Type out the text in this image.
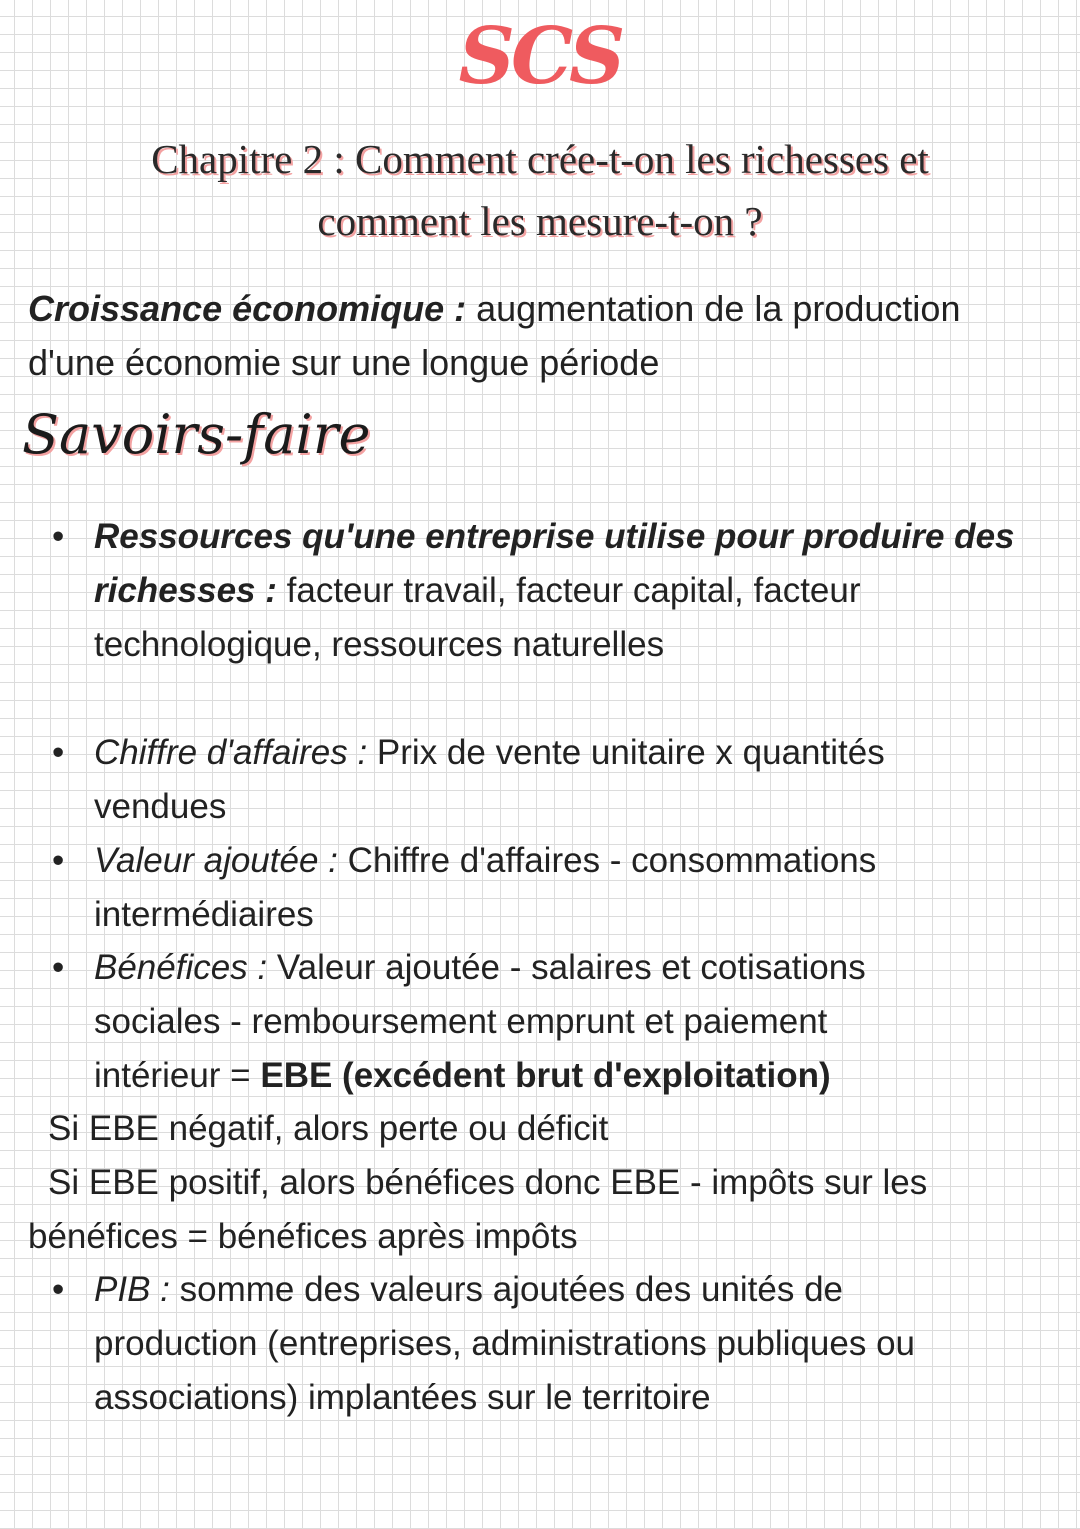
SCS
Chapitre 2 : Comment crée-t-on les richesses et
comment les mesure-t-on ?
Croissance économique : augmentation de la production
d'une économie sur une longue période
Savoirs-faire
• Ressources qu'une entreprise utilise pour produire des
richesses : facteur travail, facteur capital, facteur
technologique, ressources naturelles
• Chiffre d'affaires : Prix de vente unitaire x quantités
vendues
• Valeur ajoutée : Chiffre d'affaires - consommations
intermédiaires
• Bénéfices : Valeur ajoutée - salaires et cotisations
sociales - remboursement emprunt et paiement
intérieur = EBE (excédent brut d'exploitation)
Si EBE négatif, alors perte ou déficit
Si EBE positif, alors bénéfices donc EBE - impôts sur les
bénéfices = bénéfices après impôts
• PIB : somme des valeurs ajoutées des unités de
production (entreprises, administrations publiques ou
associations) implantées sur le territoire
